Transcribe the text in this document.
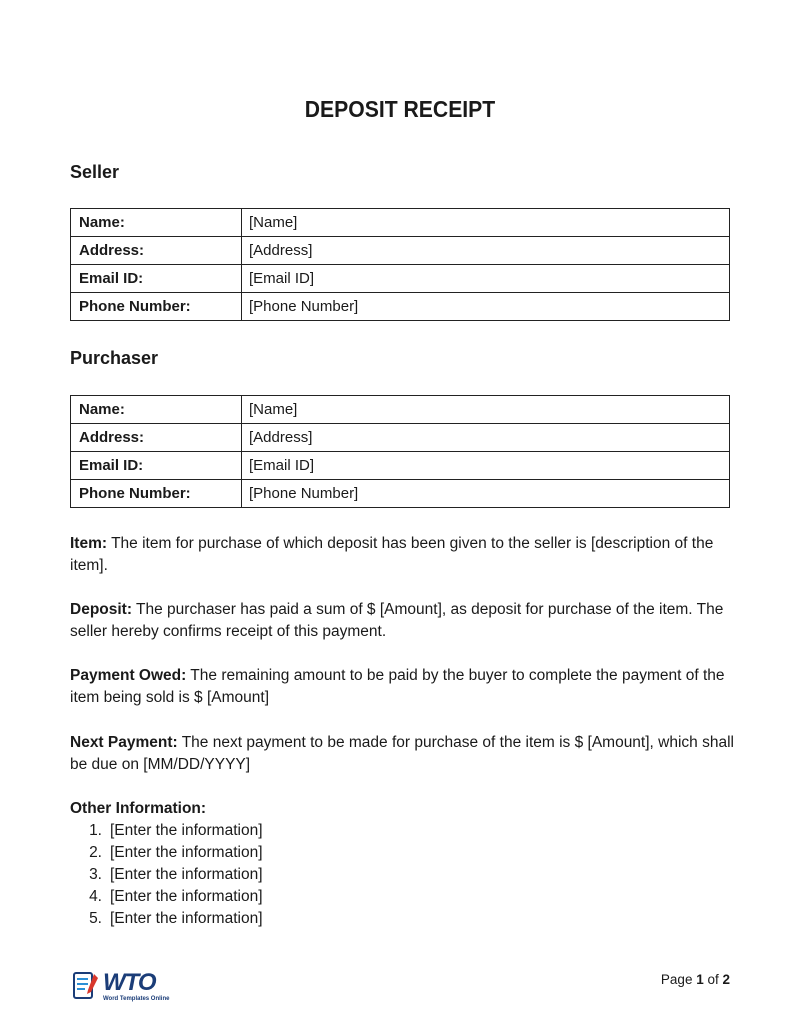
DEPOSIT RECEIPT
Seller
Name:	[Name]
Address:	[Address]
Email ID:	[Email ID]
Phone Number:	[Phone Number]
Purchaser
Name:	[Name]
Address:	[Address]
Email ID:	[Email ID]
Phone Number:	[Phone Number]
Item: The item for purchase of which deposit has been given to the seller is [description of the item].
Deposit: The purchaser has paid a sum of $ [Amount], as deposit for purchase of the item. The seller hereby confirms receipt of this payment.
Payment Owed: The remaining amount to be paid by the buyer to complete the payment of the item being sold is $ [Amount]
Next Payment: The next payment to be made for purchase of the item is $ [Amount], which shall be due on [MM/DD/YYYY]
Other Information:
1. [Enter the information]
2. [Enter the information]
3. [Enter the information]
4. [Enter the information]
5. [Enter the information]
WTO
Word Templates Online
Page 1 of 2
